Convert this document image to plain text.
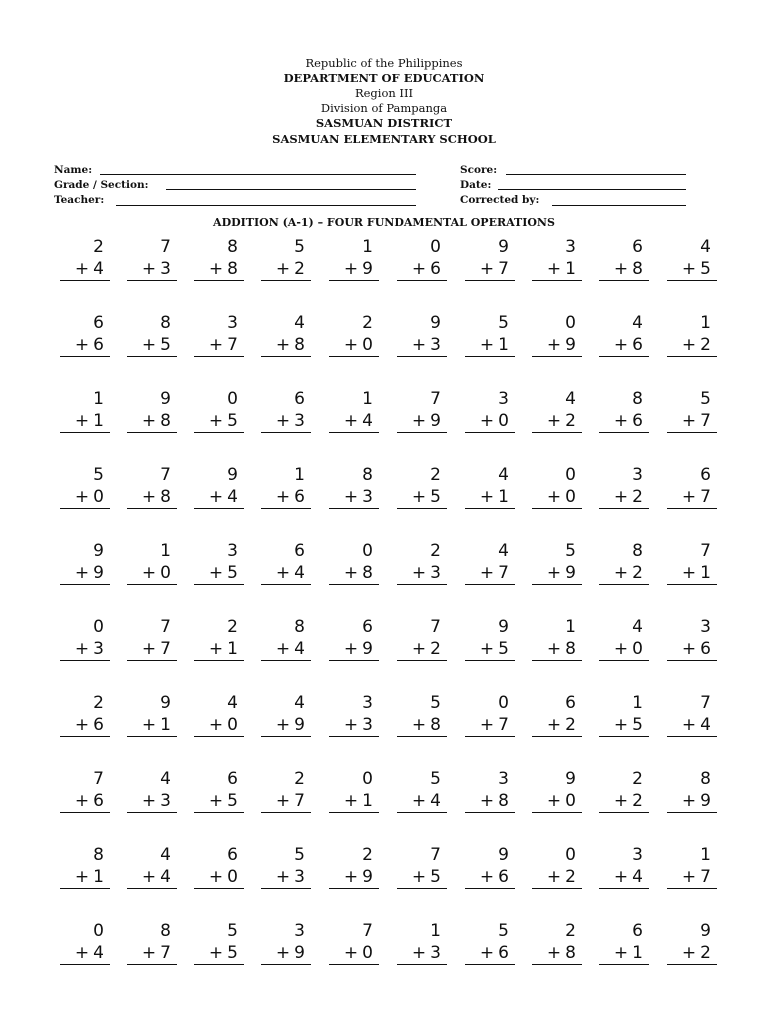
Republic of the Philippines
DEPARTMENT OF EDUCATION
Region III
Division of Pampanga
SASMUAN DISTRICT
SASMUAN ELEMENTARY SCHOOL
Name:
Grade / Section:
Teacher:
Score:
Date:
Corrected by:
ADDITION (A-1) – FOUR FUNDAMENTAL OPERATIONS
2
+ 4
7
+ 3
8
+ 8
5
+ 2
1
+ 9
0
+ 6
9
+ 7
3
+ 1
6
+ 8
4
+ 5
6
+ 6
8
+ 5
3
+ 7
4
+ 8
2
+ 0
9
+ 3
5
+ 1
0
+ 9
4
+ 6
1
+ 2
1
+ 1
9
+ 8
0
+ 5
6
+ 3
1
+ 4
7
+ 9
3
+ 0
4
+ 2
8
+ 6
5
+ 7
5
+ 0
7
+ 8
9
+ 4
1
+ 6
8
+ 3
2
+ 5
4
+ 1
0
+ 0
3
+ 2
6
+ 7
9
+ 9
1
+ 0
3
+ 5
6
+ 4
0
+ 8
2
+ 3
4
+ 7
5
+ 9
8
+ 2
7
+ 1
0
+ 3
7
+ 7
2
+ 1
8
+ 4
6
+ 9
7
+ 2
9
+ 5
1
+ 8
4
+ 0
3
+ 6
2
+ 6
9
+ 1
4
+ 0
4
+ 9
3
+ 3
5
+ 8
0
+ 7
6
+ 2
1
+ 5
7
+ 4
7
+ 6
4
+ 3
6
+ 5
2
+ 7
0
+ 1
5
+ 4
3
+ 8
9
+ 0
2
+ 2
8
+ 9
8
+ 1
4
+ 4
6
+ 0
5
+ 3
2
+ 9
7
+ 5
9
+ 6
0
+ 2
3
+ 4
1
+ 7
0
+ 4
8
+ 7
5
+ 5
3
+ 9
7
+ 0
1
+ 3
5
+ 6
2
+ 8
6
+ 1
9
+ 2
